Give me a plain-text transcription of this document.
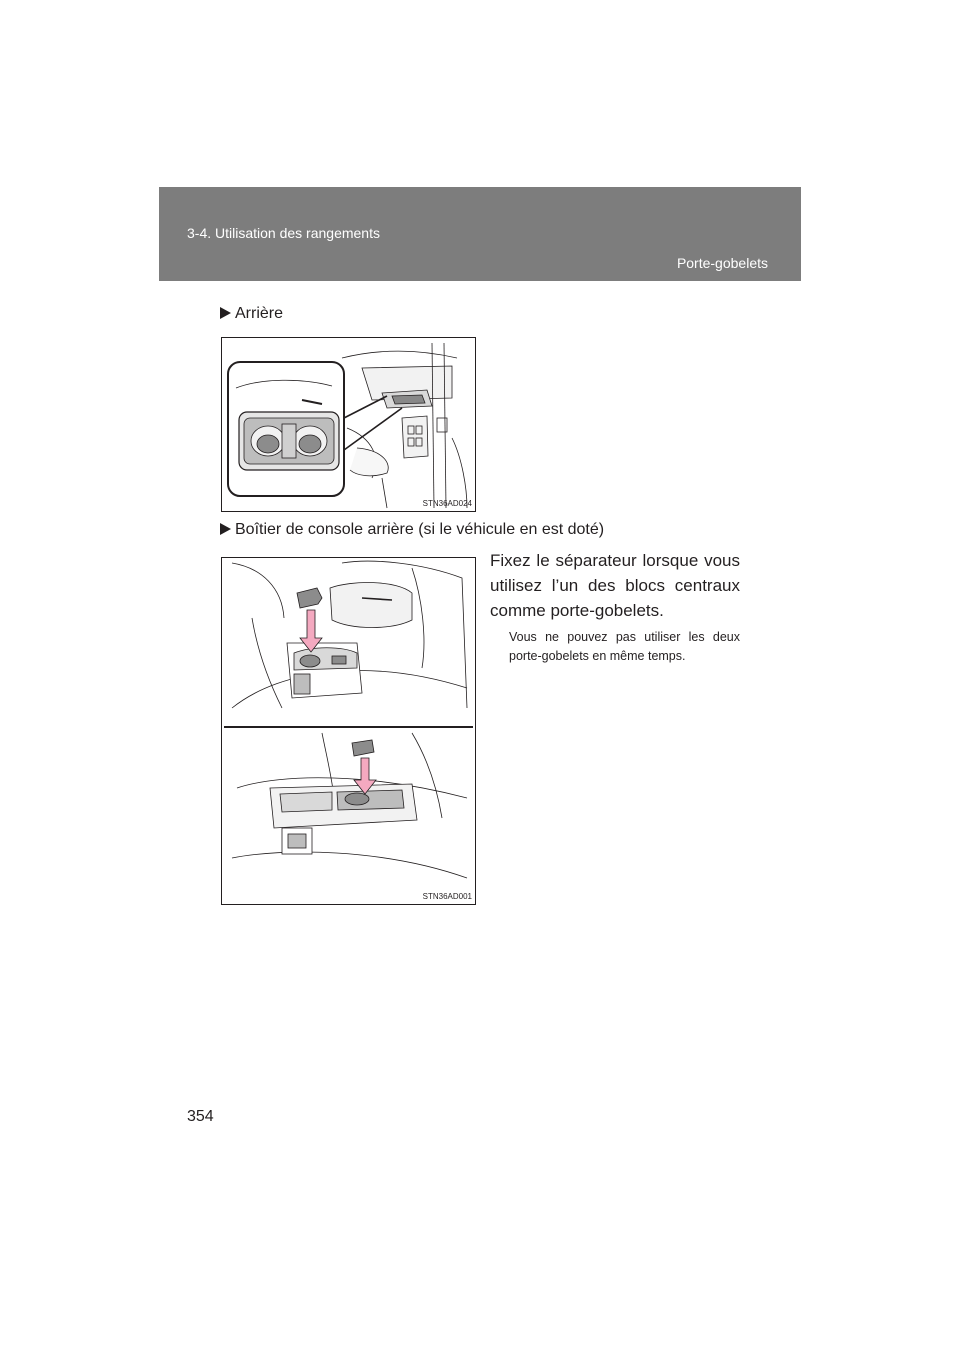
3-4. Utilisation des rangements
Porte-gobelets
Arrière
STN36AD024
Boîtier de console arrière (si le véhicule en est doté)
STN36AD001
Fixez le séparateur lorsque vous utilisez l’un des blocs centraux comme porte-gobelets.
Vous ne pouvez pas utiliser les deux porte-gobelets en même temps.
354
